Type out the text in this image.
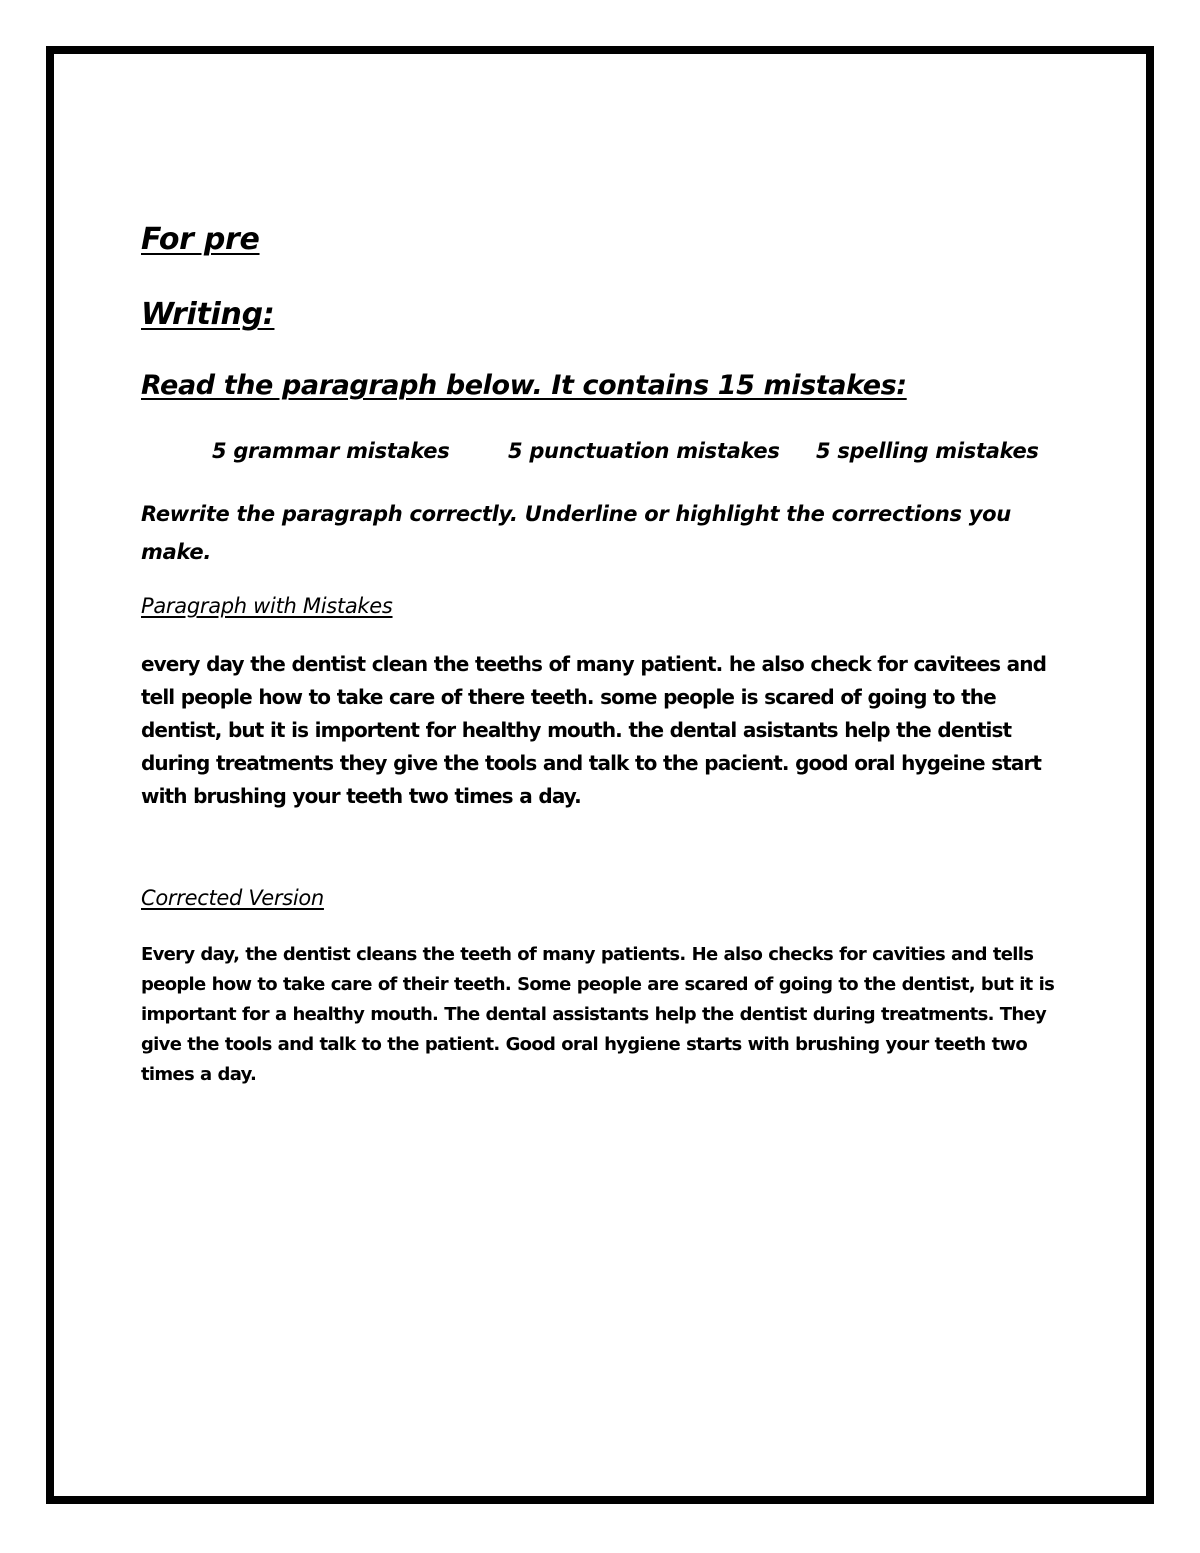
For pre
Writing:
Read the paragraph below. It contains 15 mistakes:
5 grammar mistakes	5 punctuation mistakes 5 spelling mistakes
Rewrite the paragraph correctly. Underline or highlight the corrections you make.
Paragraph with Mistakes
every day the dentist clean the teeths of many patient. he also check for cavitees and tell people how to take care of there teeth. some people is scared of going to the dentist, but it is importent for healthy mouth. the dental asistants help the dentist during treatments they give the tools and talk to the pacient. good oral hygeine start with brushing your teeth two times a day.
Corrected Version
Every day, the dentist cleans the teeth of many patients. He also checks for cavities and tells people how to take care of their teeth. Some people are scared of going to the dentist, but it is important for a healthy mouth. The dental assistants help the dentist during treatments. They give the tools and talk to the patient. Good oral hygiene starts with brushing your teeth two times a day.
